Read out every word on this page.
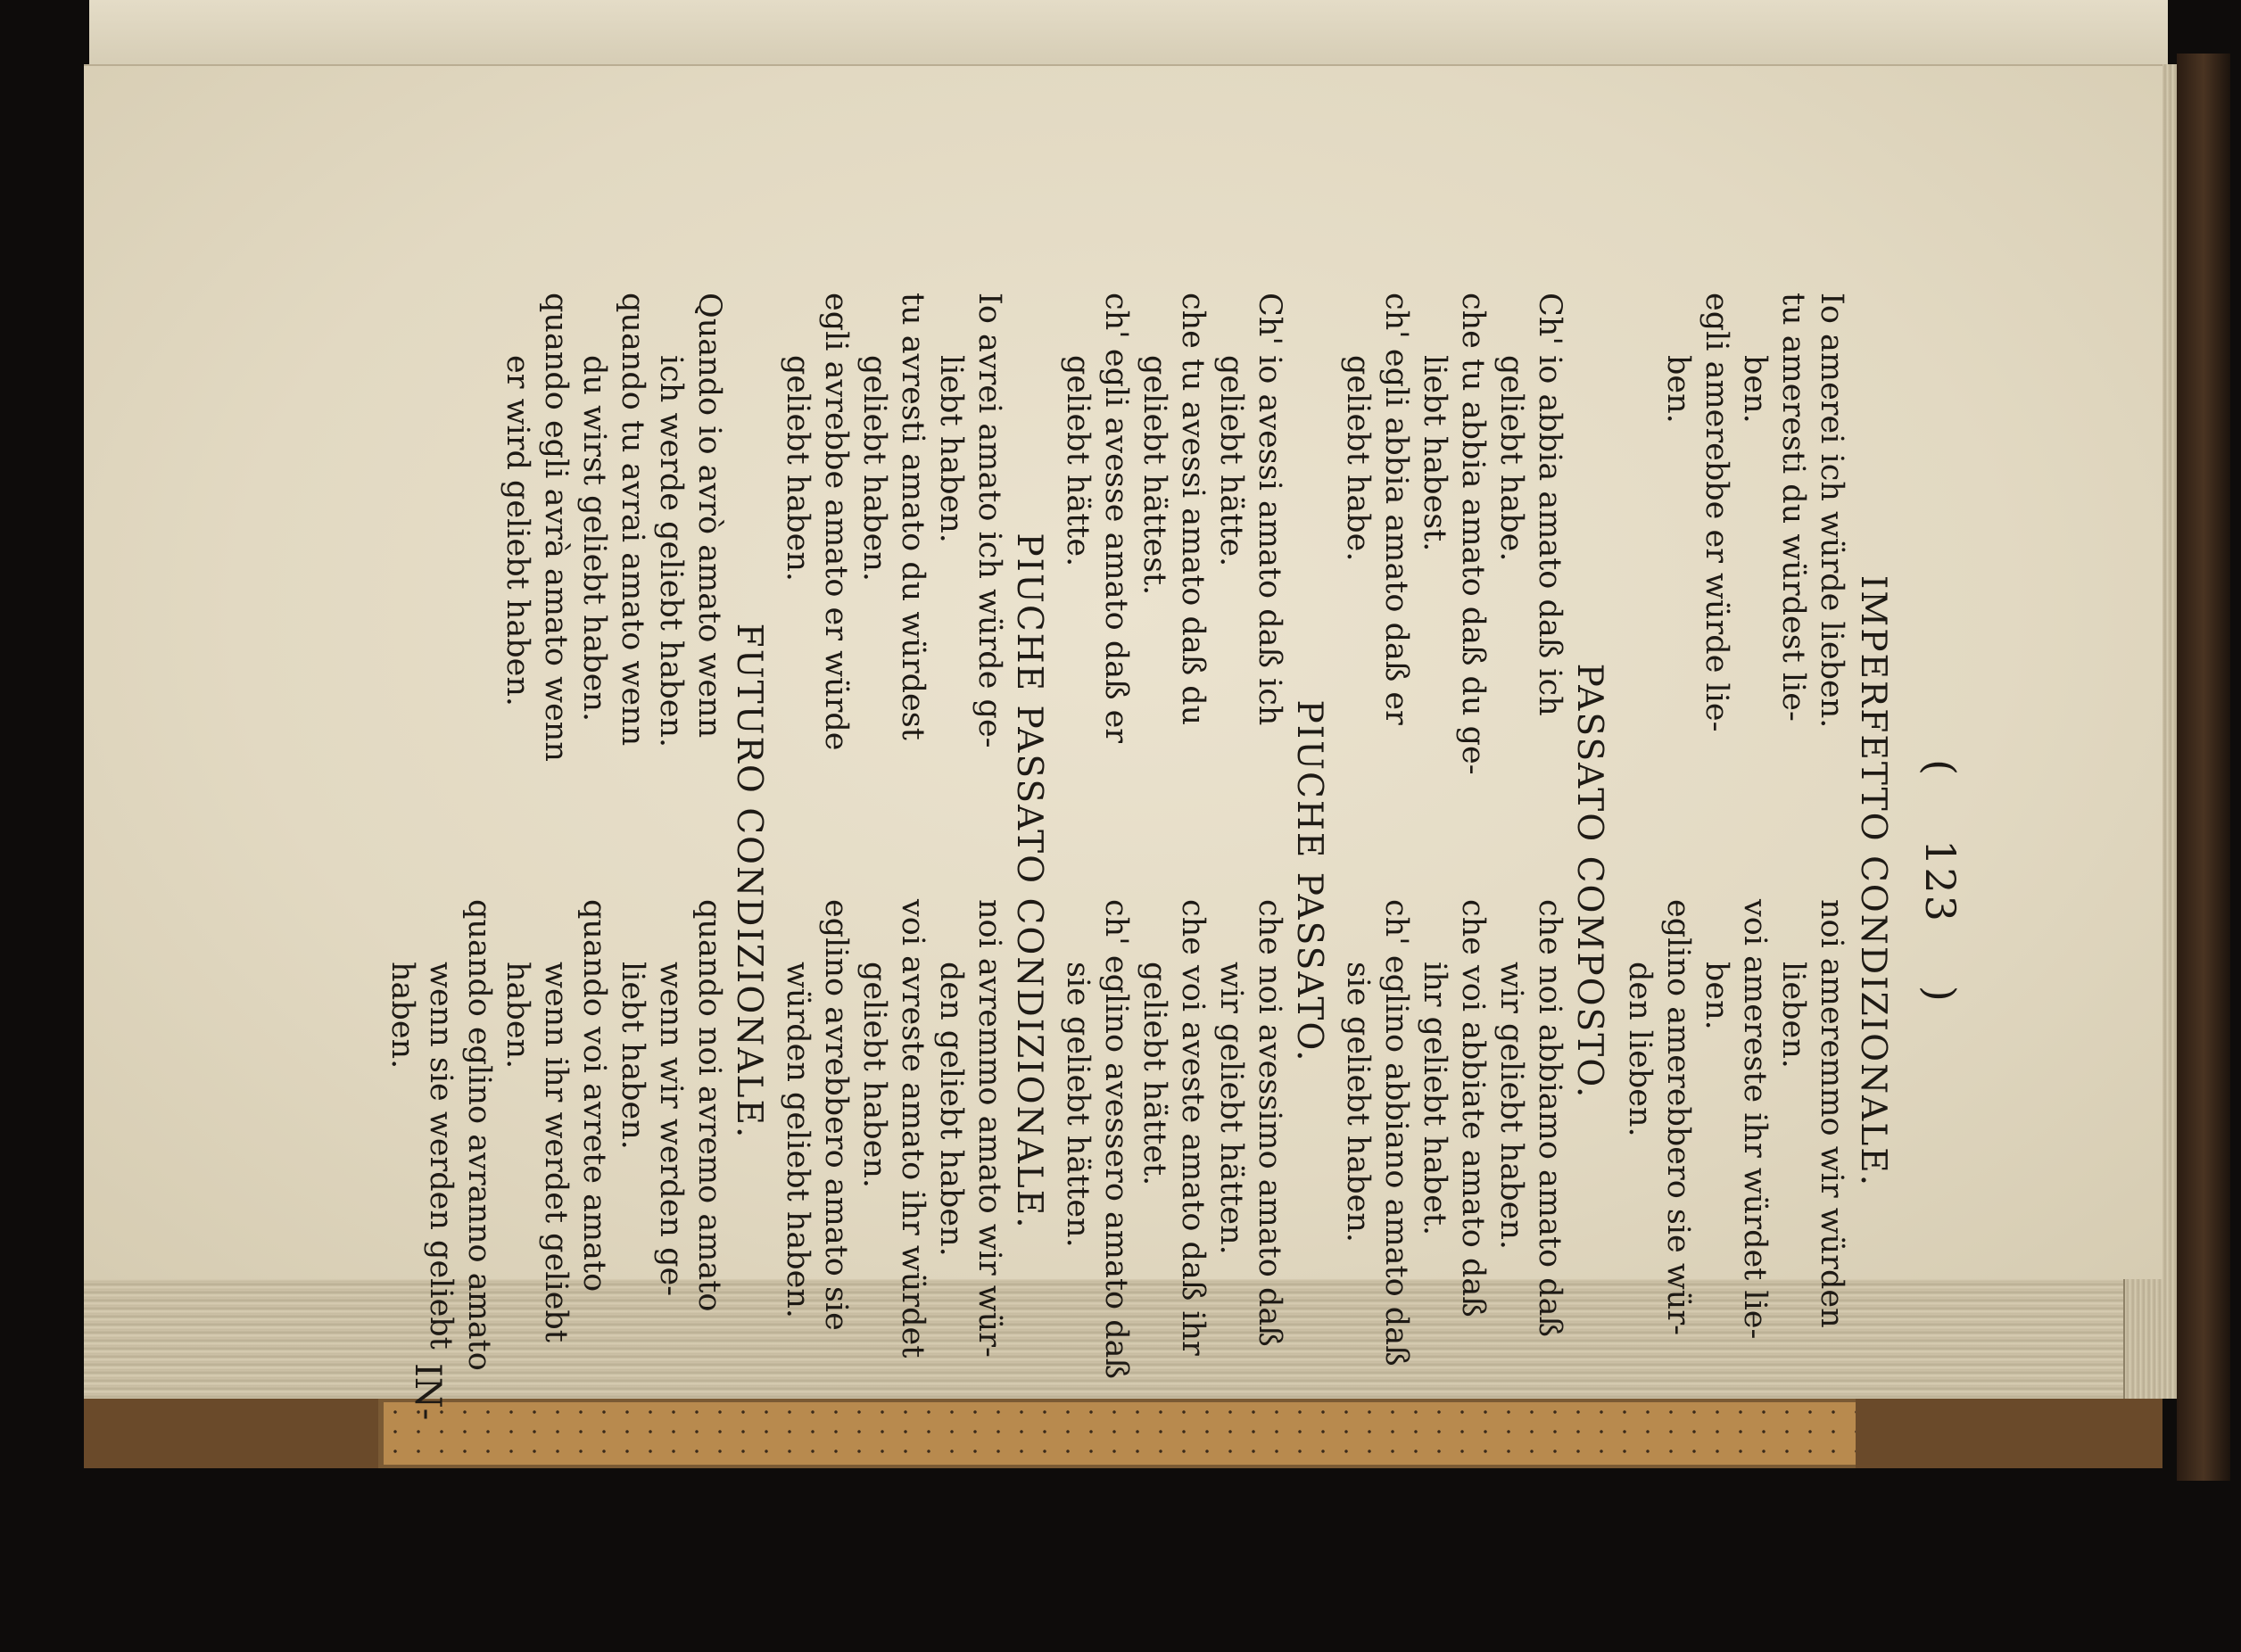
(123)
IMPERFETTO CONDIZIONALE.
Io amerei ich würde lieben.
noi ameremmo wir würden
lieben.
tu ameresti du würdest lie-
ben.
voi amereste ihr würdet lie-
ben.
egli amerebbe er würde lie-
ben.
eglino amerebbero sie wür-
den lieben.
PASSATO COMPOSTO.
Ch' io abbia amato daß ich
geliebt habe.
che noi abbiamo amato daß
wir geliebt haben.
che tu abbia amato daß du ge-
liebt habest.
che voi abbiate amato daß
ihr geliebt habet.
ch' egli abbia amato daß er
geliebt habe.
ch' eglino abbiano amato daß
sie geliebt haben.
PIUCHE PASSATO.
Ch' io avessi amato daß ich
geliebt hätte.
che noi avessimo amato daß
wir geliebt hätten.
che tu avessi amato daß du
geliebt hättest.
che voi aveste amato daß ihr
geliebt hättet.
ch' egli avesse amato daß er
geliebt hätte.
ch' eglino avessero amato daß
sie geliebt hätten.
PIUCHE PASSATO CONDIZIONALE.
Io avrei amato ich würde ge-
liebt haben.
noi avremmo amato wir wür-
den geliebt haben.
tu avresti amato du würdest
geliebt haben.
voi avreste amato ihr würdet
geliebt haben.
egli avrebbe amato er würde
geliebt haben.
eglino avrebbero amato sie
würden geliebt haben.
FUTURO CONDIZIONALE.
Quando io avrò amato wenn
ich werde geliebt haben.
quando noi avremo amato
wenn wir werden ge-
liebt haben.
quando tu avrai amato wenn
du wirst geliebt haben.
quando voi avrete amato
wenn ihr werdet geliebt
haben.
quando egli avrà amato wenn
er wird geliebt haben.
quando eglino avranno amato
wenn sie werden geliebt
haben.
IN-
